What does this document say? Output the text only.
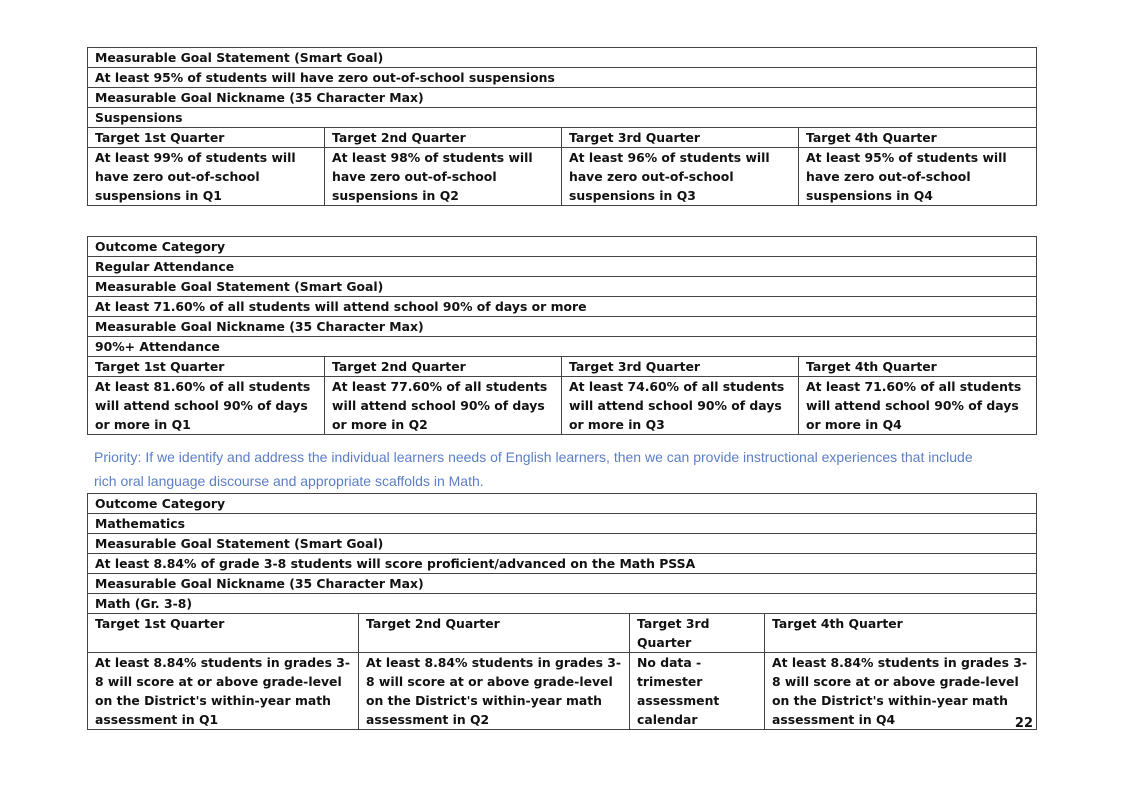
Measurable Goal Statement (Smart Goal)			
At least 95% of students will have zero out-of-school suspensions			
Measurable Goal Nickname (35 Character Max)			
Suspensions			
Target 1st Quarter	Target 2nd Quarter	Target 3rd Quarter	Target 4th Quarter
At least 99% of students will have zero out-of-school suspensions in Q1	At least 98% of students will have zero out-of-school suspensions in Q2	At least 96% of students will have zero out-of-school suspensions in Q3	At least 95% of students will have zero out-of-school suspensions in Q4
Outcome Category			
Regular Attendance			
Measurable Goal Statement (Smart Goal)			
At least 71.60% of all students will attend school 90% of days or more			
Measurable Goal Nickname (35 Character Max)			
90%+ Attendance			
Target 1st Quarter	Target 2nd Quarter	Target 3rd Quarter	Target 4th Quarter
At least 81.60% of all students will attend school 90% of days or more in Q1	At least 77.60% of all students will attend school 90% of days or more in Q2	At least 74.60% of all students will attend school 90% of days or more in Q3	At least 71.60% of all students will attend school 90% of days or more in Q4
Priority: If we identify and address the individual learners needs of English learners, then we can provide instructional experiences that include rich oral language discourse and appropriate scaffolds in Math.
Outcome Category			
Mathematics			
Measurable Goal Statement (Smart Goal)			
At least 8.84% of grade 3-8 students will score proficient/advanced on the Math PSSA			
Measurable Goal Nickname (35 Character Max)			
Math (Gr. 3-8)			
Target 1st Quarter	Target 2nd Quarter	Target 3rd Quarter	Target 4th Quarter
At least 8.84% students in grades 3-8 will score at or above grade-level on the District's within-year math assessment in Q1	At least 8.84% students in grades 3-8 will score at or above grade-level on the District's within-year math assessment in Q2	No data - trimester assessment calendar	At least 8.84% students in grades 3-8 will score at or above grade-level on the District's within-year math assessment in Q4	22
